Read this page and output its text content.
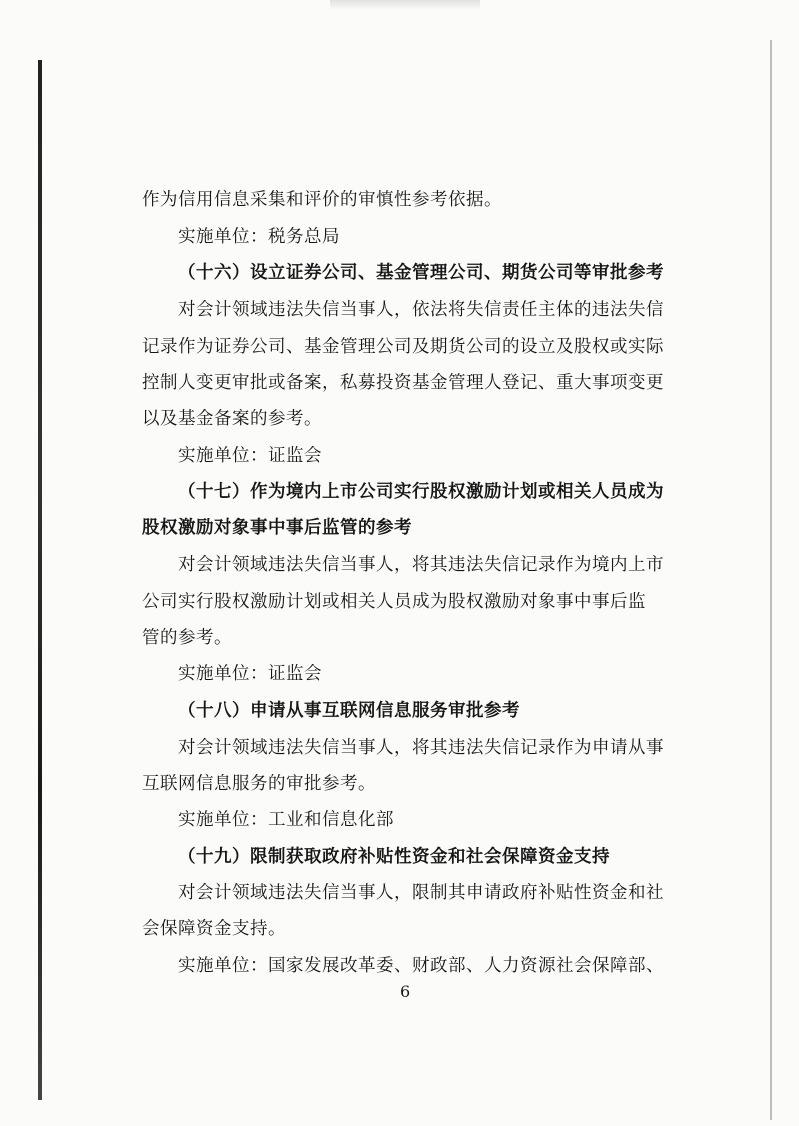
作为信用信息采集和评价的审慎性参考依据。
实施单位：税务总局
（十六）设立证券公司、基金管理公司、期货公司等审批参考
对会计领域违法失信当事人，依法将失信责任主体的违法失信
记录作为证券公司、基金管理公司及期货公司的设立及股权或实际
控制人变更审批或备案，私募投资基金管理人登记、重大事项变更
以及基金备案的参考。
实施单位：证监会
（十七）作为境内上市公司实行股权激励计划或相关人员成为
股权激励对象事中事后监管的参考
对会计领域违法失信当事人，将其违法失信记录作为境内上市
公司实行股权激励计划或相关人员成为股权激励对象事中事后监
管的参考。
实施单位：证监会
（十八）申请从事互联网信息服务审批参考
对会计领域违法失信当事人，将其违法失信记录作为申请从事
互联网信息服务的审批参考。
实施单位：工业和信息化部
（十九）限制获取政府补贴性资金和社会保障资金支持
对会计领域违法失信当事人，限制其申请政府补贴性资金和社
会保障资金支持。
实施单位：国家发展改革委、财政部、人力资源社会保障部、
6
